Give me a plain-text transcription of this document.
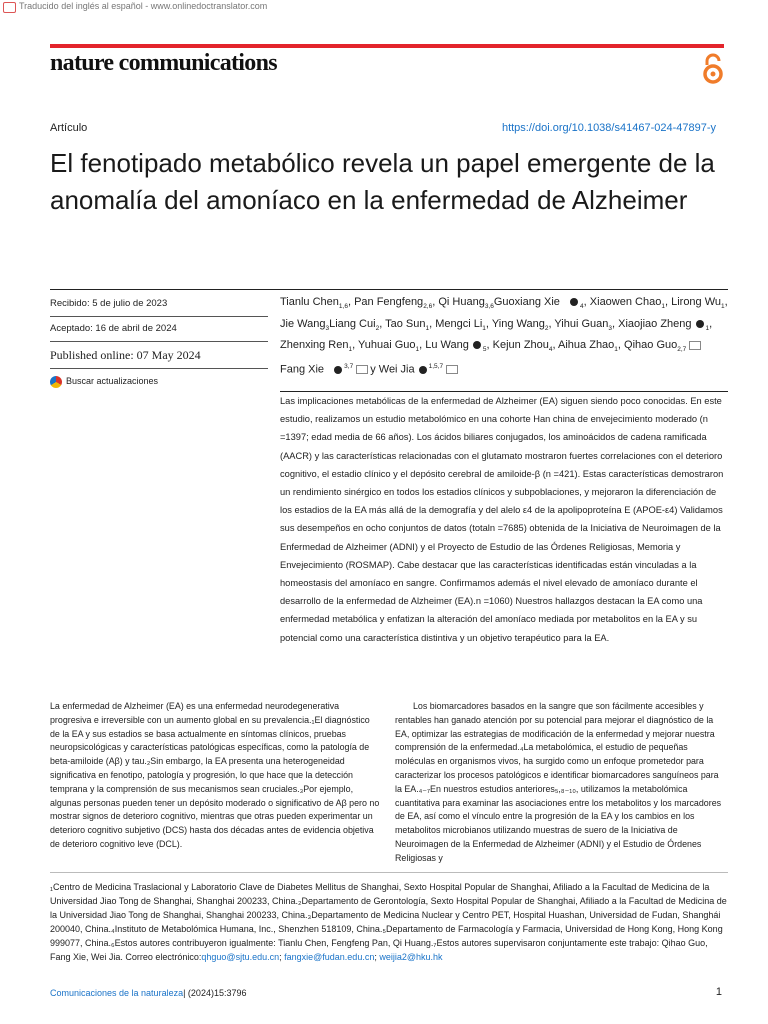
Traducido del inglés al español - www.onlinedoctranslator.com
nature communications
Artículo	https://doi.org/10.1038/s41467-024-47897-y
El fenotipado metabólico revela un papel emergente de la anomalía del amoníaco en la enfermedad de Alzheimer
Recibido: 5 de julio de 2023
Aceptado: 16 de abril de 2024
Published online: 07 May 2024
Buscar actualizaciones
Tianlu Chen$_{1,6}$, Pan Fengfeng$_{2,6}$, Qi Huang$_{3,6}$Guoxiang Xie	$_4$, Xiaowen Chao$_1$, Lirong $Wu_1$, Jie Wang$_3$Liang Cui$_2$, Tao Sun$_1$, Mengci $Li_1$, Ying Wang$_2$, Yihui Guan$_3$, Xiaojiao Zheng $_1$, Zhenxing Ren$_1$, Yuhuai Guo$_1$, Lu Wang $_5$, Kejun Zhou$_4$, Aihua Zhao$_1$, Qihao Guo$_{2,7}$Fang Xie	$^{3,7}$ y Wei Jia $^{1,5,7}$
Las implicaciones metabólicas de la enfermedad de Alzheimer (EA) siguen siendo poco conocidas. En este estudio, realizamos un estudio metabolómico en una cohorte Han china de envejecimiento moderado (n =1397; edad media de 66 años). Los ácidos biliares conjugados, los aminoácidos de cadena ramificada (AACR) y las características relacionadas con el glutamato mostraron fuertes correlaciones con el deterioro cognitivo, el estadio clínico y el depósito cerebral de amiloide-β (n =421). Estas características demostraron un rendimiento sinérgico en todos los estadios clínicos y subpoblaciones, y mejoraron la diferenciación de los estadios de la EA más allá de la demografía y del alelo ε4 de la apolipoproteína E (APOE-ε4) Validamos sus desempeños en ocho conjuntos de datos (totaln =7685) obtenida de la Iniciativa de Neuroimagen de la Enfermedad de Alzheimer (ADNI) y el Proyecto de Estudio de las Órdenes Religiosas, Memoria y Envejecimiento (ROSMAP). Cabe destacar que las características identificadas están vinculadas a la homeostasis del amoníaco en sangre. Confirmamos además el nivel elevado de amoníaco durante el desarrollo de la enfermedad de Alzheimer (EA).n =1060) Nuestros hallazgos destacan la EA como una enfermedad metabólica y enfatizan la alteración del amoníaco mediada por metabolitos en la EA y su potencial como una característica distintiva y un objetivo terapéutico para la EA.
La enfermedad de Alzheimer (EA) es una enfermedad neurodegenerativa progresiva e irreversible con un aumento global en su prevalencia.₁El diagnóstico de la EA y sus estadios se basa actualmente en síntomas clínicos, pruebas neuropsicológicas y características patológicas específicas, como la patología de beta-amiloide (Aβ) y tau.₂Sin embargo, la EA presenta una heterogeneidad significativa en fenotipo, patología y progresión, lo que hace que la detección temprana y la comprensión de sus mecanismos sean cruciales.₃Por ejemplo, algunas personas pueden tener un depósito moderado o significativo de Aβ pero no mostrar signos de deterioro cognitivo, mientras que otras pueden experimentar un deterioro cognitivo subjetivo (DCS) hasta dos décadas antes de evidencia objetiva de deterioro cognitivo leve (DCL).
Los biomarcadores basados en la sangre que son fácilmente accesibles y rentables han ganado atención por su potencial para mejorar el diagnóstico de la EA, optimizar las estrategias de modificación de la enfermedad y mejorar nuestra comprensión de la enfermedad.₄La metabolómica, el estudio de pequeñas moléculas en organismos vivos, ha surgido como un enfoque prometedor para caracterizar los procesos patológicos e identificar biomarcadores sanguíneos para la EA.₄₋₇En nuestros estudios anteriores₅,₈₋₁₀, utilizamos la metabolómica cuantitativa para examinar las asociaciones entre los metabolitos y los marcadores de EA, así como el vínculo entre la progresión de la EA y los cambios en los metabolitos microbianos utilizando muestras de suero de la Iniciativa de Neuroimagen de la Enfermedad de Alzheimer (ADNI) y el Estudio de Órdenes Religiosas y
₁Centro de Medicina Traslacional y Laboratorio Clave de Diabetes Mellitus de Shanghai, Sexto Hospital Popular de Shanghai, Afiliado a la Facultad de Medicina de la Universidad Jiao Tong de Shanghai, Shanghai 200233, China.₂Departamento de Gerontología, Sexto Hospital Popular de Shanghai, Afiliado a la Facultad de Medicina de la Universidad Jiao Tong de Shanghai, Shanghai 200233, China.₃Departamento de Medicina Nuclear y Centro PET, Hospital Huashan, Universidad de Fudan, Shanghái 200040, China.₄Instituto de Metabolómica Humana, Inc., Shenzhen 518109, China.₅Departamento de Farmacología y Farmacia, Universidad de Hong Kong, Hong Kong 999077, China.₆Estos autores contribuyeron igualmente: Tianlu Chen, Fengfeng Pan, Qi Huang.₇Estos autores supervisaron conjuntamente este trabajo: Qihao Guo, Fang Xie, Wei Jia. Correo electrónico:qhguo@sjtu.edu.cn; fangxie@fudan.edu.cn; weijia2@hku.hk
Comunicaciones de la naturaleza| (2024)15:3796	1
